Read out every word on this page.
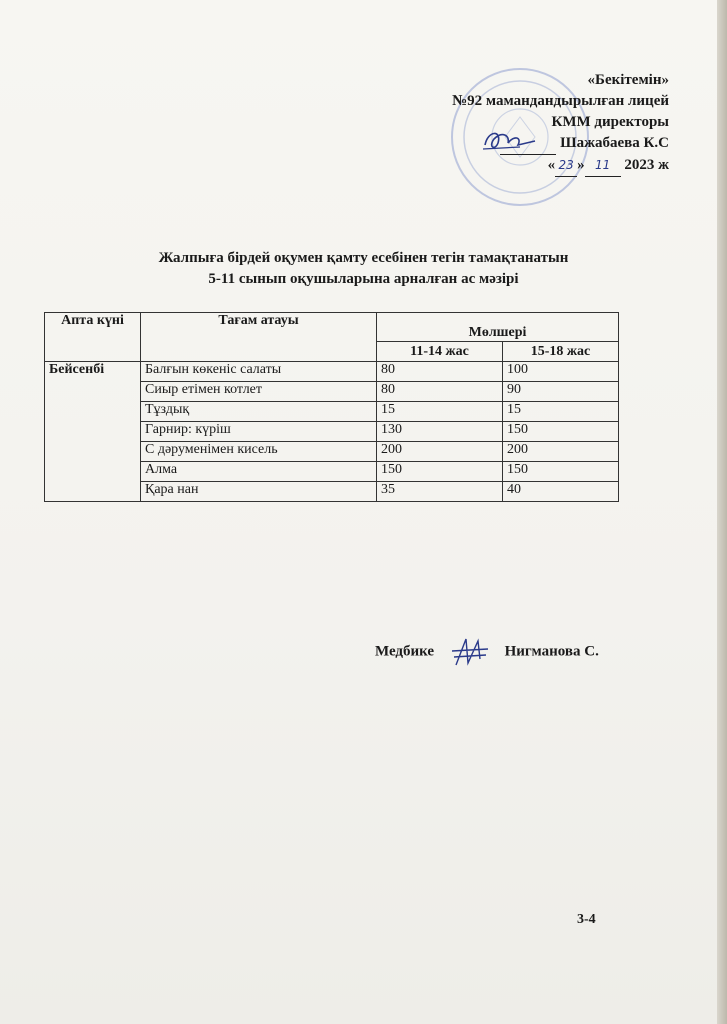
«Бекітемін»
№92 мамандандырылған лицей
КММ директоры
Шажабаева К.С
« 23 » 11 2023 ж
Жалпыға бірдей оқумен қамту есебінен тегін тамақтанатын
5-11 сынып оқушыларына арналған ас мәзірі
Апта күні	Тағам атауы	Мөлшері	
		11-14 жас	15-18 жас
Бейсенбі	Балғын көкеніс салаты	80	100
	Сиыр етімен котлет	80	90
	Тұздық	15	15
	Гарнир: күріш	130	150
	С дәруменімен кисель	200	200
	Алма	150	150
	Қара нан	35	40
Медбике	Нигманова С.
3-4
